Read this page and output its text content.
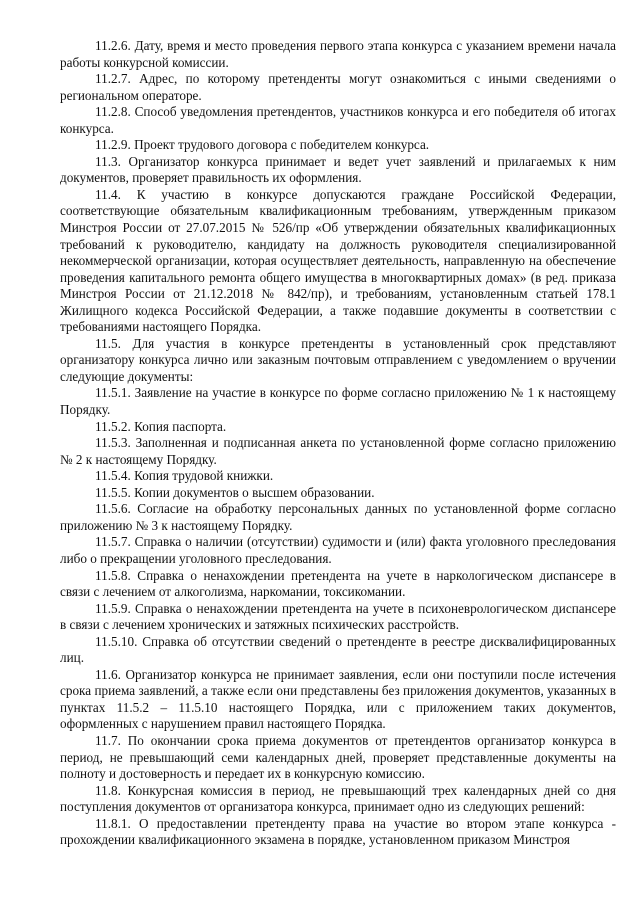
11.2.6. Дату, время и место проведения первого этапа конкурса с указанием времени начала работы конкурсной комиссии.

11.2.7. Адрес, по которому претенденты могут ознакомиться с иными сведениями о региональном операторе.

11.2.8. Способ уведомления претендентов, участников конкурса и его победителя об итогах конкурса.

11.2.9. Проект трудового договора с победителем конкурса.

11.3. Организатор конкурса принимает и ведет учет заявлений и прилагаемых к ним документов, проверяет правильность их оформления.

11.4. К участию в конкурсе допускаются граждане Российской Федерации, соответствующие обязательным квалификационным требованиям, утвержденным приказом Минстроя России от 27.07.2015 № 526/пр «Об утверждении обязательных квалификационных требований к руководителю, кандидату на должность руководителя специализированной некоммерческой организации, которая осуществляет деятельность, направленную на обеспечение проведения капитального ремонта общего имущества в многоквартирных домах» (в ред. приказа Минстроя России от 21.12.2018 № 842/пр), и требованиям, установленным статьей 178.1 Жилищного кодекса Российской Федерации, а также подавшие документы в соответствии с требованиями настоящего Порядка.

11.5. Для участия в конкурсе претенденты в установленный срок представляют организатору конкурса лично или заказным почтовым отправлением с уведомлением о вручении следующие документы:

11.5.1. Заявление на участие в конкурсе по форме согласно приложению № 1 к настоящему Порядку.

11.5.2. Копия паспорта.

11.5.3. Заполненная и подписанная анкета по установленной форме согласно приложению № 2 к настоящему Порядку.

11.5.4. Копия трудовой книжки.

11.5.5. Копии документов о высшем образовании.

11.5.6. Согласие на обработку персональных данных по установленной форме согласно приложению № 3 к настоящему Порядку.

11.5.7. Справка о наличии (отсутствии) судимости и (или) факта уголовного преследования либо о прекращении уголовного преследования.

11.5.8. Справка о ненахождении претендента на учете в наркологическом диспансере в связи с лечением от алкоголизма, наркомании, токсикомании.

11.5.9. Справка о ненахождении претендента на учете в психоневрологическом диспансере в связи с лечением хронических и затяжных психических расстройств.

11.5.10. Справка об отсутствии сведений о претенденте в реестре дисквалифицированных лиц.

11.6. Организатор конкурса не принимает заявления, если они поступили после истечения срока приема заявлений, а также если они представлены без приложения документов, указанных в пунктах 11.5.2 – 11.5.10 настоящего Порядка, или с приложением таких документов, оформленных с нарушением правил настоящего Порядка.

11.7. По окончании срока приема документов от претендентов организатор конкурса в период, не превышающий семи календарных дней, проверяет представленные документы на полноту и достоверность и передает их в конкурсную комиссию.

11.8. Конкурсная комиссия в период, не превышающий трех календарных дней со дня поступления документов от организатора конкурса, принимает одно из следующих решений:

11.8.1. О предоставлении претенденту права на участие во втором этапе конкурса - прохождении квалификационного экзамена в порядке, установленном приказом Минстроя
